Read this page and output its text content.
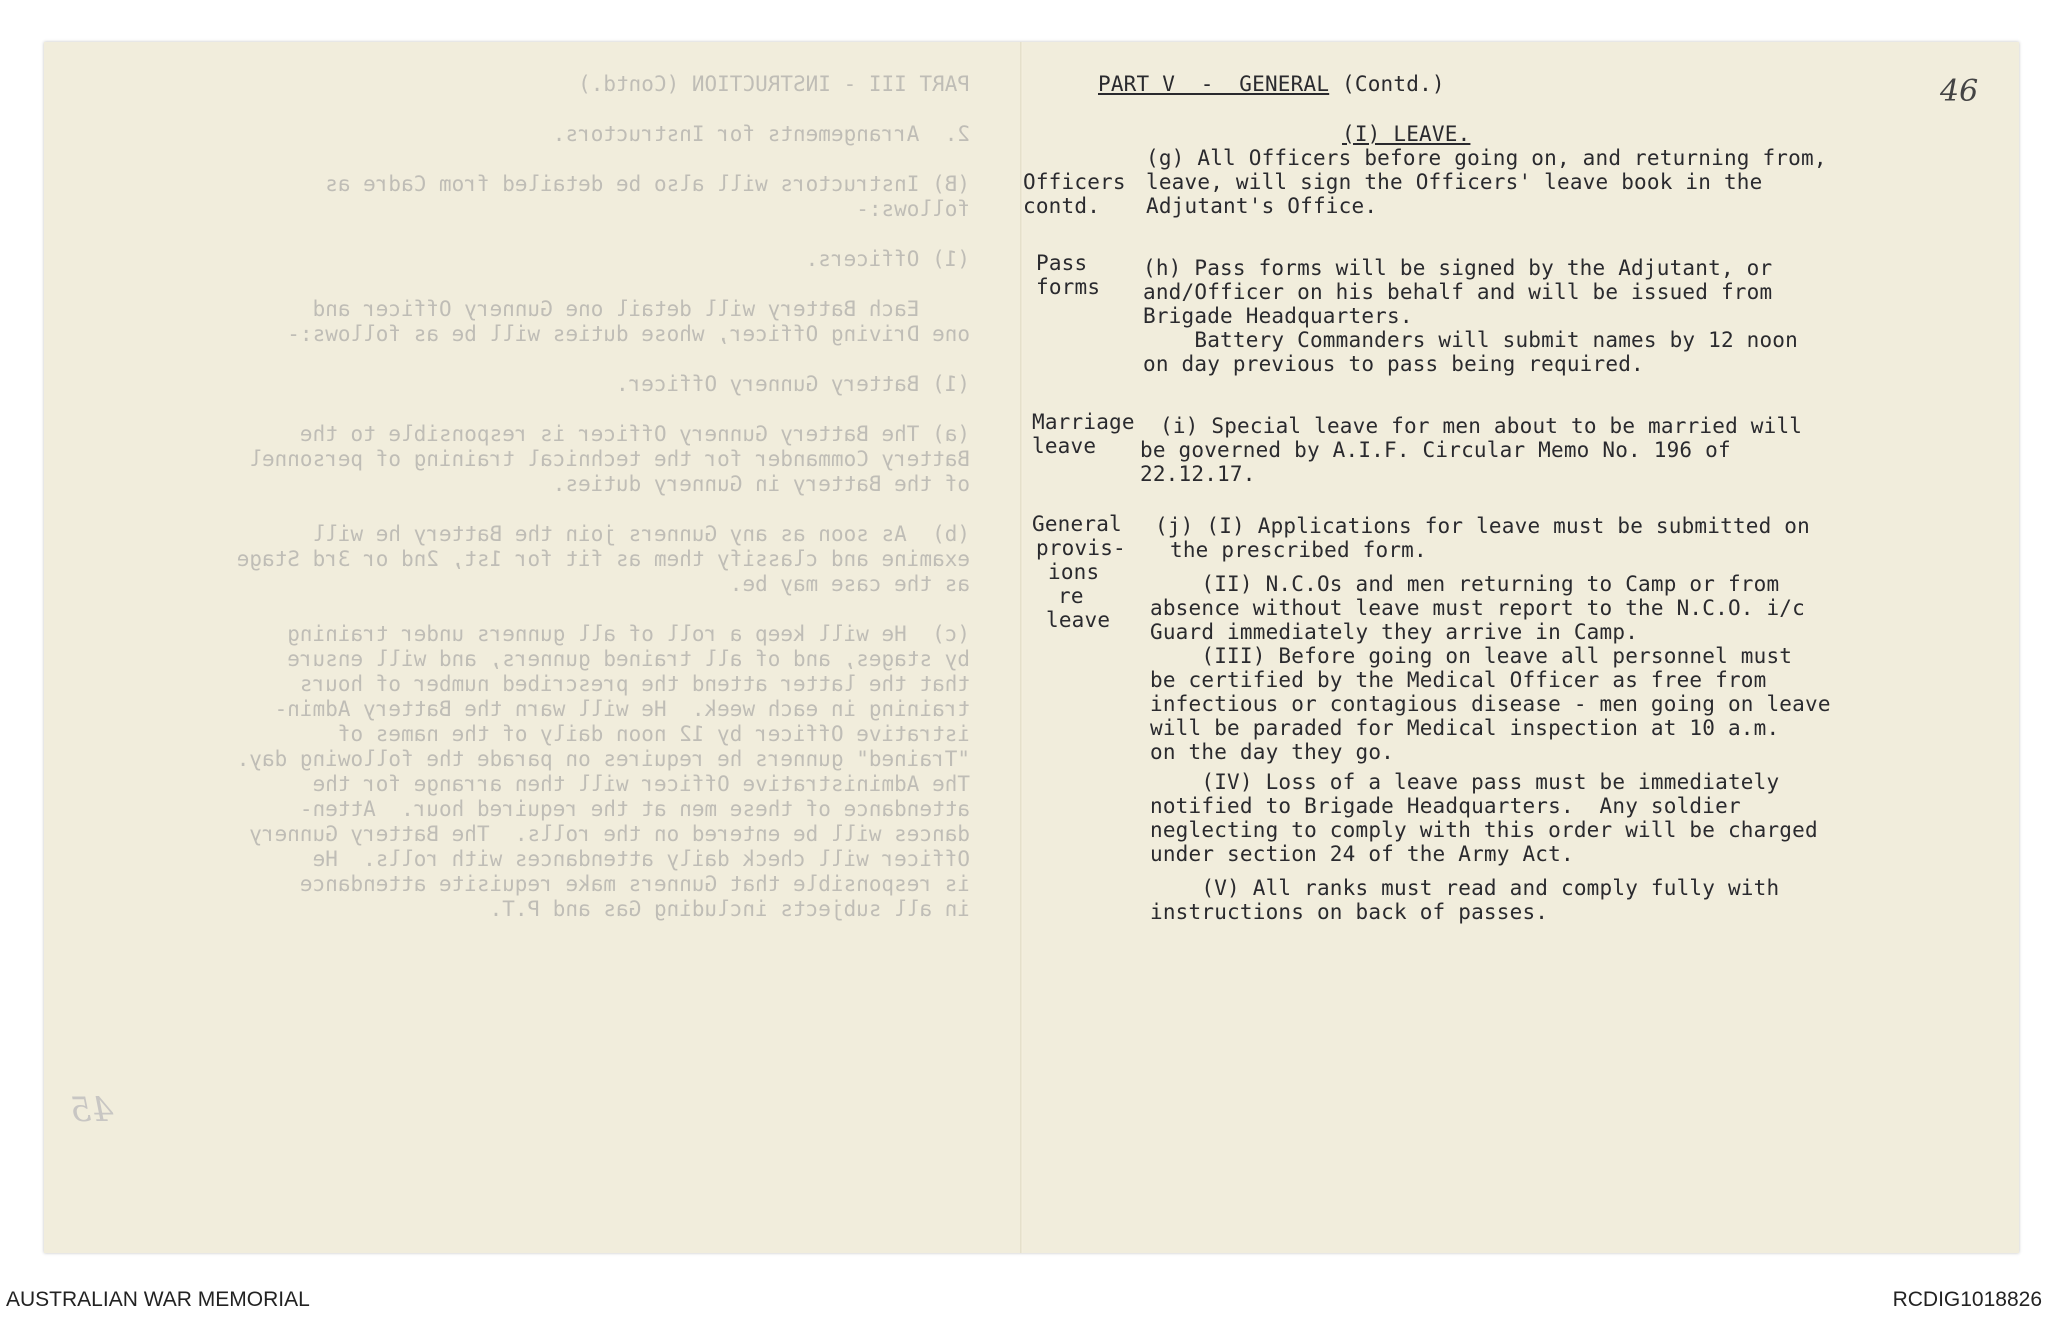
PART III - INSTRUCTION (Contd.)

2.  Arrangements for Instructors.

(B) Instructors will also be detailed from Cadre as
follows:-

(1) Officers.

Each Battery will detail one Gunnery Officer and
one Driving Officer, whose duties will be as follows:-

(1) Battery Gunnery Officer.

(a) The Battery Gunnery Officer is responsible to the
Battery Commander for the technical training of personnel
of the Battery in Gunnery duties.

(b)  As soon as any Gunners join the Battery he will
examine and classify them as fit for 1st, 2nd or 3rd Stage
as the case may be.

(c)  He will keep a roll of all gunners under training
by stages, and of all trained gunners, and will ensure
that the latter attend the prescribed number of hours
training in each week.  He will warn the Battery Admin-
istrative Officer by 12 noon daily of the names of
"Trained" gunners he requires on parade the following day.
The Administrative Officer will then arrange for the
attendance of these men at the required hour.  Atten-
dances will be entered on the rolls.  The Battery Gunnery
Officer will check daily attendances with rolls.  He
is responsible that Gunners make requisite attendance
in all subjects including Gas and P.T.
45
46
PART V  -  GENERAL (Contd.)
(I) LEAVE.
Officers
contd.
(g) All Officers before going on, and returning from,
leave, will sign the Officers' leave book in the
Adjutant's Office.
Pass
forms
(h) Pass forms will be signed by the Adjutant, or
and/Officer on his behalf and will be issued from
Brigade Headquarters.
Battery Commanders will submit names by 12 noon
on day previous to pass being required.
Marriage
leave
(i) Special leave for men about to be married will
be governed by A.I.F. Circular Memo No. 196 of
22.12.17.
General
provis-
ions
re
leave
(j) (I) Applications for leave must be submitted on
the prescribed form.
(II) N.C.Os and men returning to Camp or from
absence without leave must report to the N.C.O. i/c
Guard immediately they arrive in Camp.
(III) Before going on leave all personnel must
be certified by the Medical Officer as free from
infectious or contagious disease - men going on leave
will be paraded for Medical inspection at 10 a.m.
on the day they go.
(IV) Loss of a leave pass must be immediately
notified to Brigade Headquarters.  Any soldier
neglecting to comply with this order will be charged
under section 24 of the Army Act.
(V) All ranks must read and comply fully with
instructions on back of passes.
AUSTRALIAN WAR MEMORIAL	RCDIG1018826
